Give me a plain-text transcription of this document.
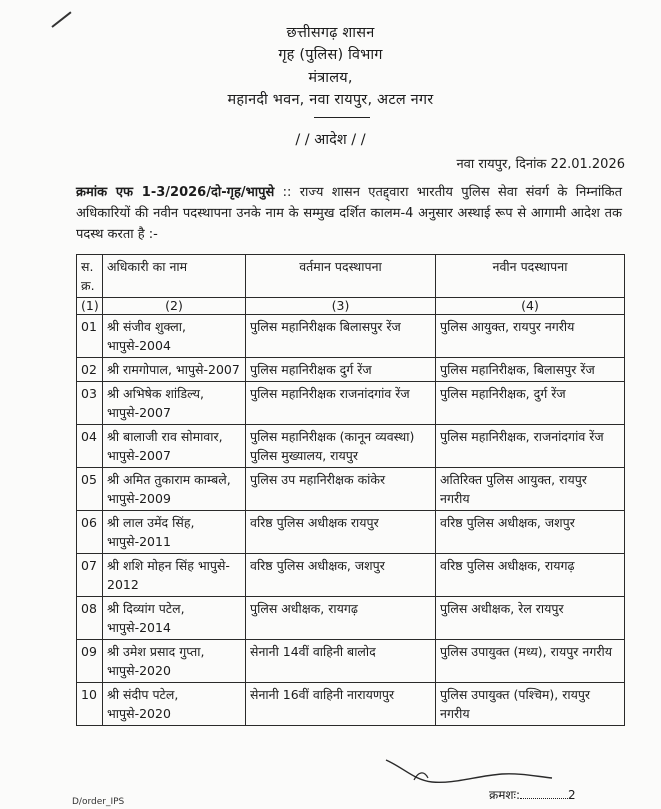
छत्तीसगढ़ शासन
गृह (पुलिस) विभाग
मंत्रालय,
महानदी भवन, नवा रायपुर, अटल नगर
/ / आदेश / /
नवा रायपुर, दिनांक 22.01.2026
क्रमांक एफ 1-3/2026/दो-गृह/भापुसे :: राज्य शासन एतद्द्वारा भारतीय पुलिस सेवा संवर्ग के निम्नांकित अधिकारियों की नवीन पदस्थापना उनके नाम के सम्मुख दर्शित कालम-4 अनुसार अस्थाई रूप से आगामी आदेश तक पदस्थ करता है :-
स. क्र.	अधिकारी का नाम	वर्तमान पदस्थापना	नवीन पदस्थापना
(1)	(2)	(3)	(4)
01	श्री संजीव शुक्ला, भापुसे-2004	पुलिस महानिरीक्षक बिलासपुर रेंज	पुलिस आयुक्त, रायपुर नगरीय
02	श्री रामगोपाल, भापुसे-2007	पुलिस महानिरीक्षक दुर्ग रेंज	पुलिस महानिरीक्षक, बिलासपुर रेंज
03	श्री अभिषेक शांडिल्य, भापुसे-2007	पुलिस महानिरीक्षक राजनांदगांव रेंज	पुलिस महानिरीक्षक, दुर्ग रेंज
04	श्री बालाजी राव सोमावार, भापुसे-2007	पुलिस महानिरीक्षक (कानून व्यवस्था) पुलिस मुख्यालय, रायपुर	पुलिस महानिरीक्षक, राजनांदगांव रेंज
05	श्री अमित तुकाराम काम्बले, भापुसे-2009	पुलिस उप महानिरीक्षक कांकेर	अतिरिक्त पुलिस आयुक्त, रायपुर नगरीय
06	श्री लाल उमेंद सिंह, भापुसे-2011	वरिष्ठ पुलिस अधीक्षक रायपुर	वरिष्ठ पुलिस अधीक्षक, जशपुर
07	श्री शशि मोहन सिंह भापुसे- 2012	वरिष्ठ पुलिस अधीक्षक, जशपुर	वरिष्ठ पुलिस अधीक्षक, रायगढ़
08	श्री दिव्यांग पटेल, भापुसे-2014	पुलिस अधीक्षक, रायगढ़	पुलिस अधीक्षक, रेल रायपुर
09	श्री उमेश प्रसाद गुप्ता, भापुसे-2020	सेनानी 14वीं वाहिनी बालोद	पुलिस उपायुक्त (मध्य), रायपुर नगरीय
10	श्री संदीप पटेल, भापुसे-2020	सेनानी 16वीं वाहिनी नारायणपुर	पुलिस उपायुक्त (पश्चिम), रायपुर नगरीय
D/order_IPS	क्रमशः:	2
